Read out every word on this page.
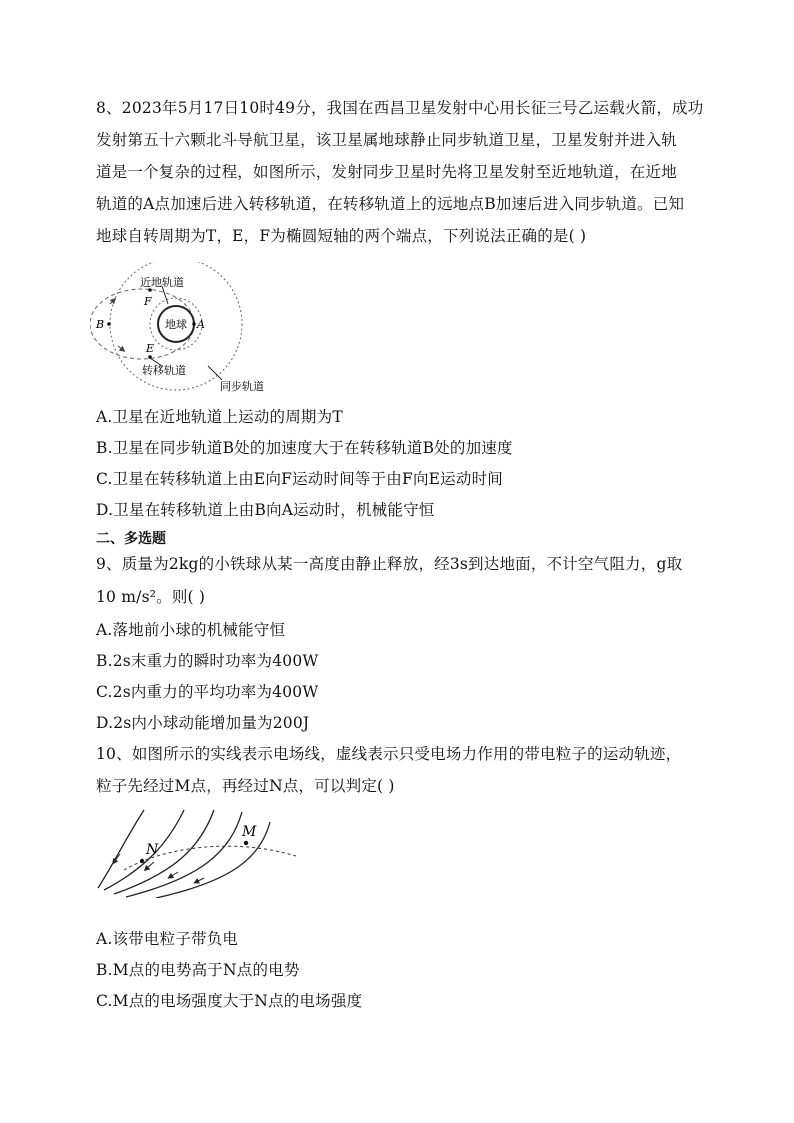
8、2023年5月17日10时49分，我国在西昌卫星发射中心用长征三号乙运载火箭，成功
发射第五十六颗北斗导航卫星，该卫星属地球静止同步轨道卫星，卫星发射并进入轨
道是一个复杂的过程，如图所示，发射同步卫星时先将卫星发射至近地轨道，在近地
轨道的A点加速后进入转移轨道，在转移轨道上的远地点B加速后进入同步轨道。已知
地球自转周期为T，E，F为椭圆短轴的两个端点，下列说法正确的是( )
地球 A
B
F
E
近地轨道
转移轨道
同步轨道
A.卫星在近地轨道上运动的周期为T
B.卫星在同步轨道B处的加速度大于在转移轨道B处的加速度
C.卫星在转移轨道上由E向F运动时间等于由F向E运动时间
D.卫星在转移轨道上由B向A运动时，机械能守恒
二、多选题
9、质量为2kg的小铁球从某一高度由静止释放，经3s到达地面，不计空气阻力，g取
10 m/s²。则( )
A.落地前小球的机械能守恒
B.2s末重力的瞬时功率为400W
C.2s内重力的平均功率为400W
D.2s内小球动能增加量为200J
10、如图所示的实线表示电场线，虚线表示只受电场力作用的带电粒子的运动轨迹，
粒子先经过M点，再经过N点，可以判定( )
N
M
A.该带电粒子带负电
B.M点的电势高于N点的电势
C.M点的电场强度大于N点的电场强度
